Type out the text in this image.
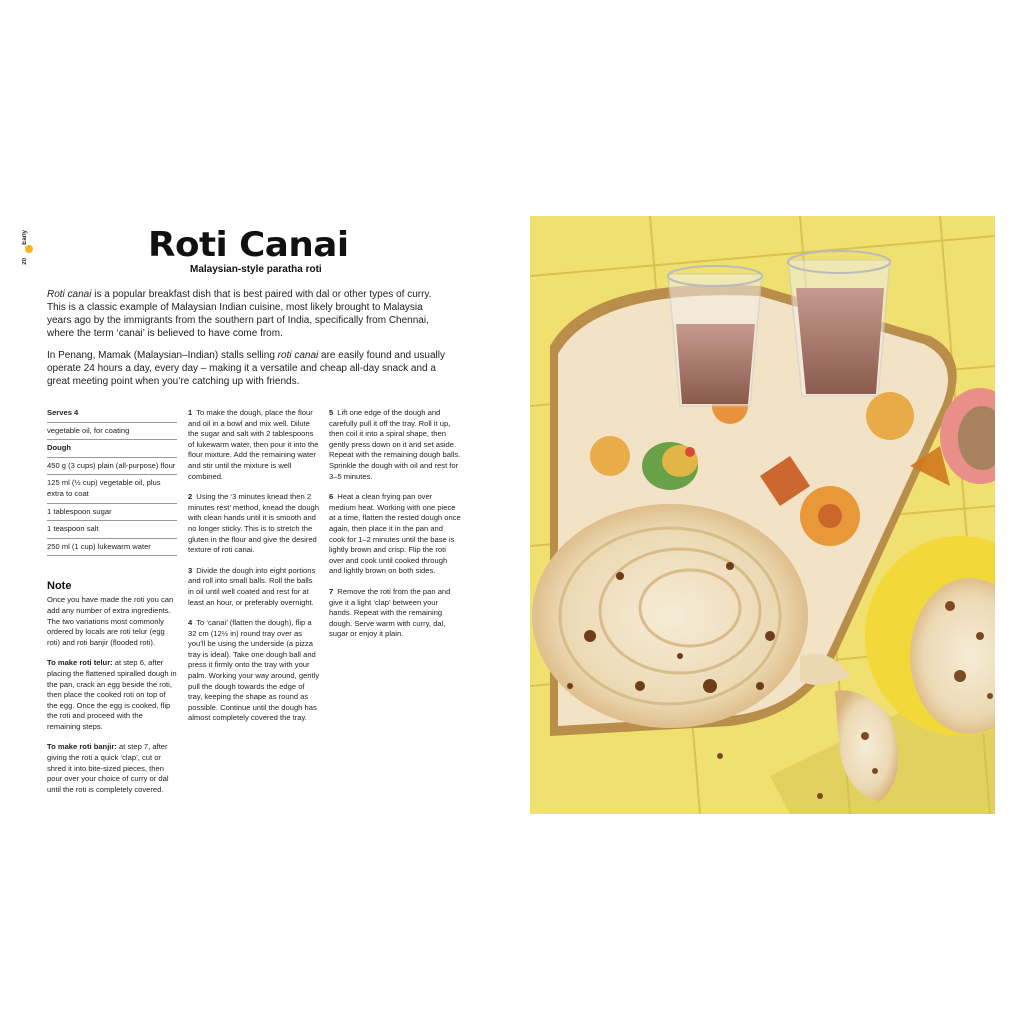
Early
20	Roti Canai
Malaysian-style paratha roti

Roti canai is a popular breakfast dish that is best paired with dal or other types of curry. This is a classic example of Malaysian Indian cuisine, most likely brought to Malaysia years ago by the immigrants from the southern part of India, specifically from Chennai, where the term ‘canai’ is believed to have come from.

In Penang, Mamak (Malaysian–Indian) stalls selling roti canai are easily found and usually operate 24 hours a day, every day – making it a versatile and cheap all-day snack and a great meeting point when you’re catching up with friends.

Serves 4
vegetable oil, for coating
Dough
450 g (3 cups) plain (all-purpose) flour
125 ml (½ cup) vegetable oil, plus extra to coat
1 tablespoon sugar
1 teaspoon salt
250 ml (1 cup) lukewarm water
Note
Once you have made the roti you can add any number of extra ingredients. The two variations most commonly ordered by locals are roti telur (egg roti) and roti banjir (flooded roti).
To make roti telur: at step 6, after placing the flattened spiralled dough in the pan, crack an egg beside the roti, then place the cooked roti on top of the egg. Once the egg is cooked, flip the roti and proceed with the remaining steps.
To make roti banjir: at step 7, after giving the roti a quick ‘clap’, cut or shred it into bite-sized pieces, then pour over your choice of curry or dal until the roti is completely covered.
1 To make the dough, place the flour and oil in a bowl and mix well. Dilute the sugar and salt with 2 tablespoons of lukewarm water, then pour it into the flour mixture. Add the remaining water and stir until the mixture is well combined.
2 Using the ‘3 minutes knead then 2 minutes rest’ method, knead the dough with clean hands until it is smooth and no longer sticky. This is to stretch the gluten in the flour and give the desired texture of roti canai.
3 Divide the dough into eight portions and roll into small balls. Roll the balls in oil until well coated and rest for at least an hour, or preferably overnight.
4 To ‘canai’ (flatten the dough), flip a 32 cm (12½ in) round tray over as you’ll be using the underside (a pizza tray is ideal). Take one dough ball and press it firmly onto the tray with your palm. Working your way around, gently pull the dough towards the edge of tray, keeping the shape as round as possible. Continue until the dough has almost completely covered the tray.
5 Lift one edge of the dough and carefully pull it off the tray. Roll it up, then coil it into a spiral shape, then gently press down on it and set aside. Repeat with the remaining dough balls. Sprinkle the dough with oil and rest for 3–5 minutes.
6 Heat a clean frying pan over medium heat. Working with one piece at a time, flatten the rested dough once again, then place it in the pan and cook for 1–2 minutes until the base is lightly brown and crisp. Flip the roti over and cook until cooked through and lightly brown on both sides.
7 Remove the roti from the pan and give it a light ‘clap’ between your hands. Repeat with the remaining dough. Serve warm with curry, dal, sugar or enjoy it plain.
